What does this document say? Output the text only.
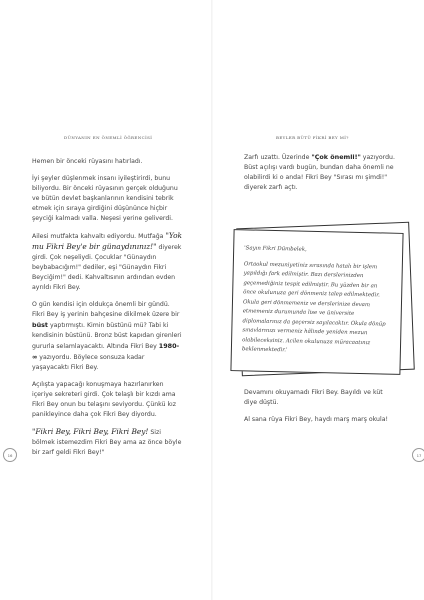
DÜNYANIN EN ÖNEMLİ ÖĞRENCİSİ

Hemen bir önceki rüyasını hatırladı.

İyi şeyler düşlenmek insanı iyileştirirdi, bunu biliyordu. Bir önceki rüyasının gerçek olduğunu ve bütün devlet başkanlarının kendisini tebrik etmek için sıraya girdiğini düşününce hiçbir şeyciği kalmadı valla. Neşesi yerine geliverdi.

Ailesi mutfakta kahvaltı ediyordu. Mutfağa "Yok mu Fikri Bey'e bir günaydınınız!" diyerek girdi. Çok neşeliydi. Çocuklar "Günaydın beybabacığım!" dediler, eşi "Günaydın Fikri Beyciğim!" dedi. Kahvaltısının ardından evden ayrıldı Fikri Bey.

O gün kendisi için oldukça önemli bir gündü. Fikri Bey iş yerinin bahçesine dikilmek üzere bir büst yaptırmıştı. Kimin büstünü mü? Tabi ki kendisinin büstünü. Bronz büst kapıdan girenleri gururla selamlayacaktı. Altında Fikri Bey 1980-∞ yazıyordu. Böylece sonsuza kadar yaşayacaktı Fikri Bey.

Açılışta yapacağı konuşmaya hazırlanırken içeriye sekreteri girdi. Çok telaşlı bir kızdı ama Fikri Bey onun bu telaşını seviyordu. Çünkü kız panikleyince daha çok Fikri Bey diyordu.

"Fikri Bey, Fikri Bey, Fikri Bey! Sizi bölmek istemezdim Fikri Bey ama az önce böyle bir zarf geldi Fikri Bey!"

16
BEYLER BÜTÜ FİKRİ BEY Mİ?

Zarfı uzattı. Üzerinde "Çok önemli!" yazıyordu. Büst açılışı vardı bugün, bundan daha önemli ne olabilirdi ki o anda! Fikri Bey "Sırası mı şimdi!" diyerek zarfı açtı.

Devamını okuyamadı Fikri Bey. Bayıldı ve küt diye düştü.

Al sana rüya Fikri Bey, haydı marş marş okula!

17

'Sayın Fikri Dümbelek,

Ortaokul mezuniyetiniz sırasında hatalı bir işlem yapıldığı fark edilmiştir. Bazı derslerinizden geçemediğiniz tespit edilmiştir. Bu yüzden bir an önce okulunuza geri dönmeniz talep edilmektedir. Okula geri dönmemeniz ve derslerinize devam etmemeniz durumunda lise ve üniversite diplomalarınız da geçersiz sayılacaktır. Okula dönüp sınavlarınızı vermeniz hâlinde yeniden mezun olabileceksiniz. Acilen okulunuza müracaatınız beklenmektedir.'
